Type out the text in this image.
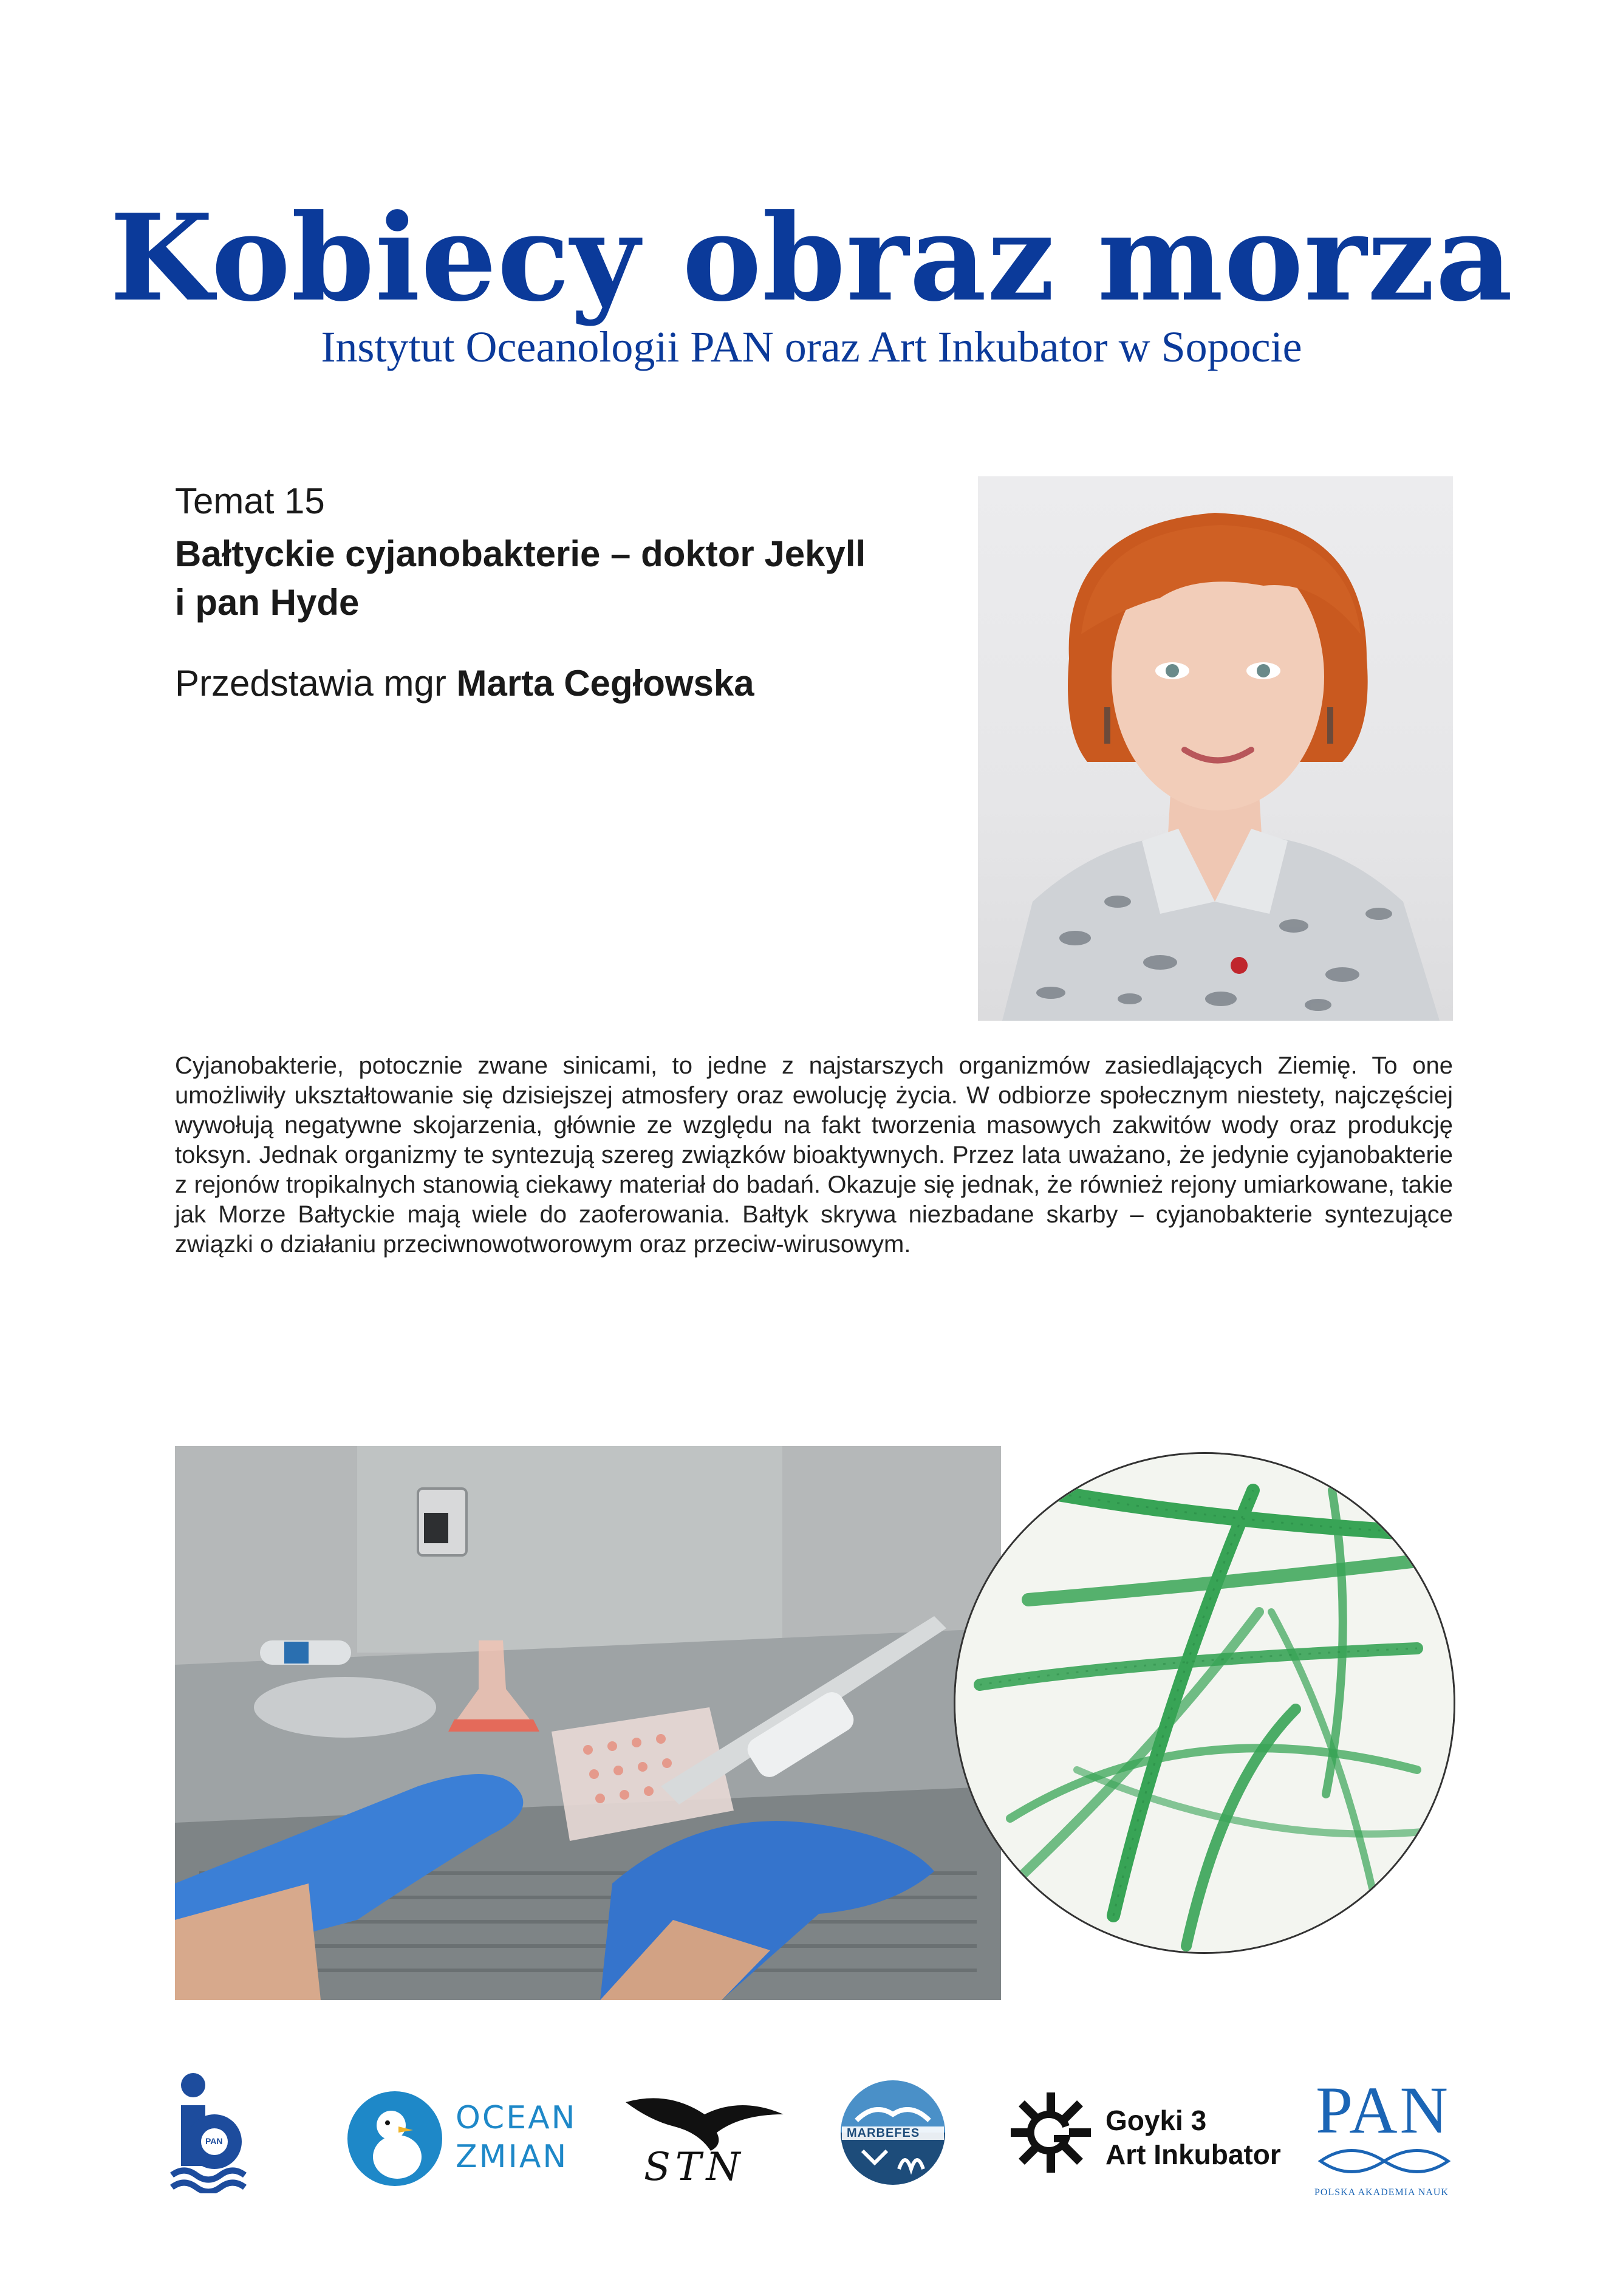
Kobiecy obraz morza
Instytut Oceanologii PAN oraz Art Inkubator w Sopocie
Temat 15
Bałtyckie cyjanobakterie – doktor Jekyll
i pan Hyde
Przedstawia mgr Marta Cegłowska
Cyjanobakterie, potocznie zwane sinicami, to jedne z najstarszych organizmów zasiedlających Ziemię. To one umożliwiły ukształtowanie się dzisiejszej atmosfery oraz ewolucję życia. W odbiorze społecznym niestety, najczęściej wywołują negatywne skojarzenia, głównie ze względu na fakt tworzenia masowych zakwitów wody oraz produkcję toksyn. Jednak organizmy te syntezują szereg związków bioaktywnych. Przez lata uważano, że jedynie cyjanobakterie z rejonów tropikalnych stanowią ciekawy materiał do badań. Okazuje się jednak, że również rejony umiarkowane, takie jak Morze Bałtyckie mają wiele do zaoferowania. Bałtyk skrywa niezbadane skarby – cyjanobakterie syntezujące związki o działaniu przeciwnowotworowym oraz przeciw-wirusowym.
PAN
OCEAN
ZMIAN STN
MARBEFES	Goyki 3
Art Inkubator
PAN
POLSKA AKADEMIA NAUK
